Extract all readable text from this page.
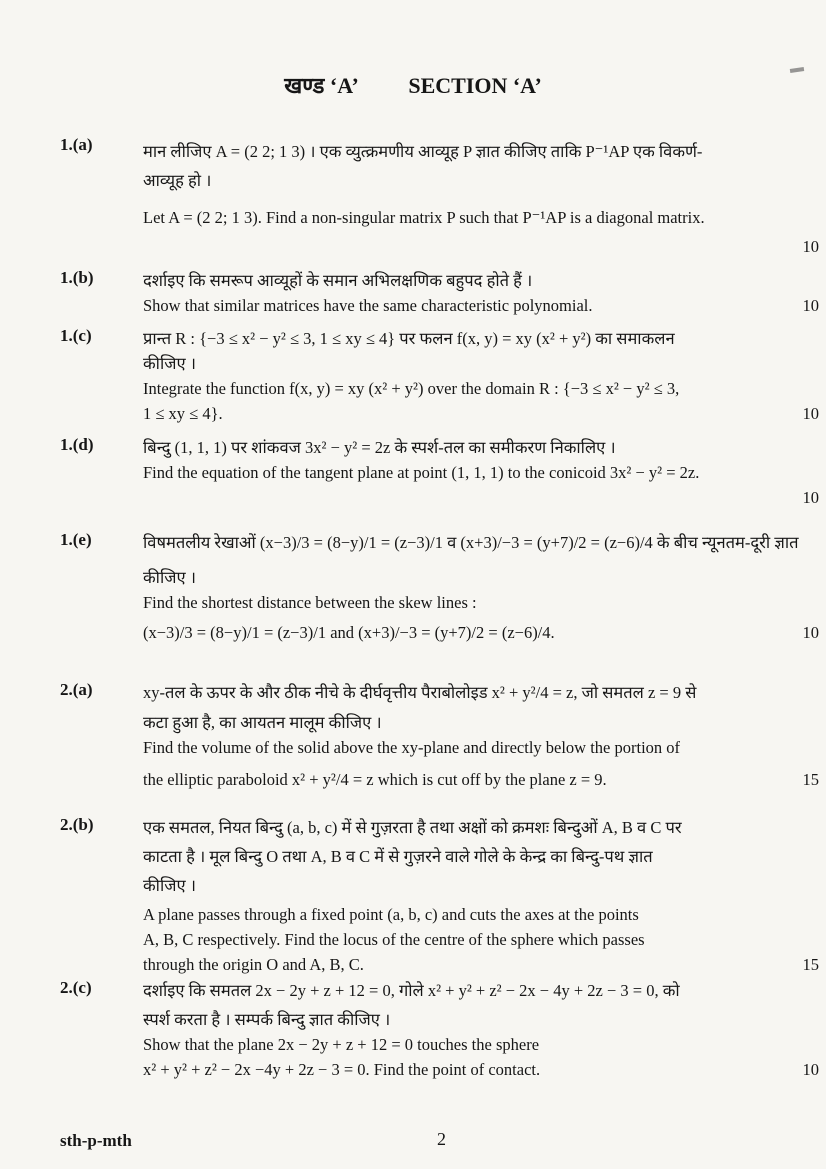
खण्ड ‘A’ SECTION ‘A’
1.(a)	मान लीजिए A = (2 2; 1 3) । एक व्युत्क्रमणीय आव्यूह P ज्ञात कीजिए ताकि P⁻¹AP एक विकर्ण-
आव्यूह हो ।
Let A = (2 2; 1 3). Find a non-singular matrix P such that P⁻¹AP is a diagonal matrix.
10
1.(b)	दर्शाइए कि समरूप आव्यूहों के समान अभिलक्षणिक बहुपद होते हैं ।
Show that similar matrices have the same characteristic polynomial.	10
1.(c)	प्रान्त R : {−3 ≤ x² − y² ≤ 3, 1 ≤ xy ≤ 4} पर फलन f(x, y) = xy (x² + y²) का समाकलन
कीजिए ।
Integrate the function f(x, y) = xy (x² + y²) over the domain R : {−3 ≤ x² − y² ≤ 3,
1 ≤ xy ≤ 4}.	10
1.(d)	बिन्दु (1, 1, 1) पर शांकवज 3x² − y² = 2z के स्पर्श-तल का समीकरण निकालिए ।
Find the equation of the tangent plane at point (1, 1, 1) to the conicoid 3x² − y² = 2z.
10
1.(e)	विषमतलीय रेखाओं (x−3)/3 = (8−y)/1 = (z−3)/1 व (x+3)/−3 = (y+7)/2 = (z−6)/4 के बीच न्यूनतम-दूरी ज्ञात
कीजिए ।
Find the shortest distance between the skew lines :
(x−3)/3 = (8−y)/1 = (z−3)/1 and (x+3)/−3 = (y+7)/2 = (z−6)/4.	10
2.(a)	xy-तल के ऊपर के और ठीक नीचे के दीर्घवृत्तीय पैराबोलोइड x² + y²/4 = z, जो समतल z = 9 से
कटा हुआ है, का आयतन मालूम कीजिए ।
Find the volume of the solid above the xy-plane and directly below the portion of
the elliptic paraboloid x² + y²/4 = z which is cut off by the plane z = 9.	15
2.(b)	एक समतल, नियत बिन्दु (a, b, c) में से गुज़रता है तथा अक्षों को क्रमशः बिन्दुओं A, B व C पर
काटता है । मूल बिन्दु O तथा A, B व C में से गुज़रने वाले गोले के केन्द्र का बिन्दु-पथ ज्ञात
कीजिए ।
A plane passes through a fixed point (a, b, c) and cuts the axes at the points
A, B, C respectively. Find the locus of the centre of the sphere which passes
through the origin O and A, B, C.	15
2.(c)	दर्शाइए कि समतल 2x − 2y + z + 12 = 0, गोले x² + y² + z² − 2x − 4y + 2z − 3 = 0, को
स्पर्श करता है । सम्पर्क बिन्दु ज्ञात कीजिए ।
Show that the plane 2x − 2y + z + 12 = 0 touches the sphere
x² + y² + z² − 2x −4y + 2z − 3 = 0. Find the point of contact.	10
sth-p-mth	2
